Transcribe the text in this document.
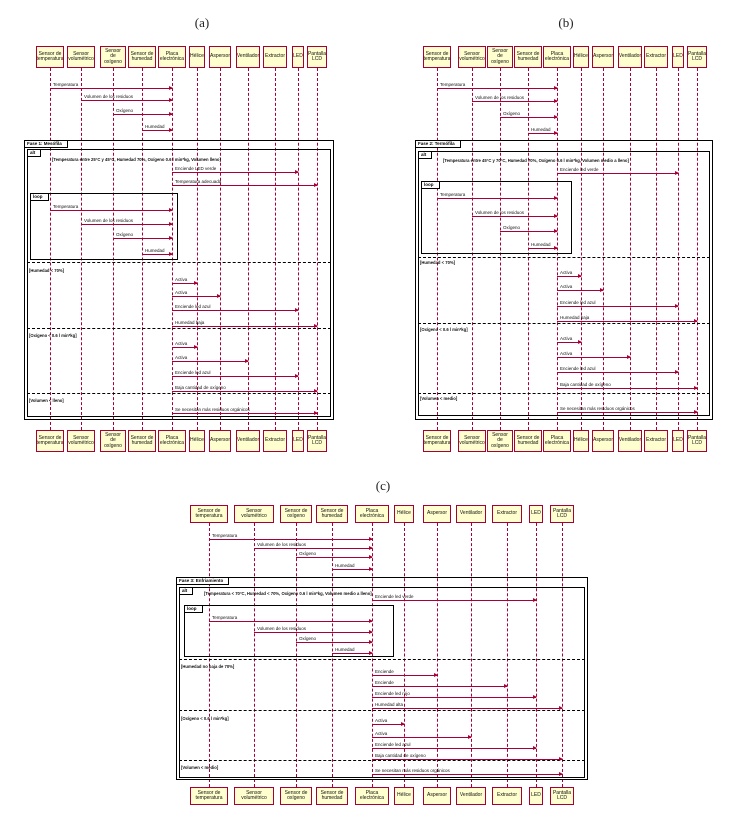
(a)
Sensor de
temperatura
Sensor de
temperatura
Sensor
volumétrico
Sensor
volumétrico
Sensor de
oxígeno
Sensor de
oxígeno
Sensor de
humedad
Sensor de
humedad
Placa
electrónica
Placa
electrónica
Hélice
Hélice
Aspersor
Aspersor
Ventilador
Ventilador
Extractor
Extractor
LED
LED
Pantalla
LCD
Pantalla
LCD
Fase 1: Mesófila
alt
loop
[Temperatura entre 25°C y 45°C, Humedad 70%, Oxígeno 0.6 l min*kg, Volumen lleno]
[Humedad < 70%]
[Oxígeno < 0.6 l min*kg]
[Volumen < lleno]
Temperatura
Volumen de los residuos
Oxígeno
Humedad
Enciende LED verde
Temperatura adecuada
Temperatura
Volumen de los residuos
Oxígeno
Humedad
Activa
Activa
Enciende led azul
Humedad baja
Activa
Activa
Enciende led azul
Baja cantidad de oxígeno
Se necesitan más residuos orgánicos
(b)
Sensor de
temperatura
Sensor de
temperatura
Sensor
volumétrico
Sensor
volumétrico
Sensor de
oxígeno
Sensor de
oxígeno
Sensor de
humedad
Sensor de
humedad
Placa
electrónica
Placa
electrónica
Hélice
Hélice
Aspersor
Aspersor
Ventilador
Ventilador
Extractor
Extractor
LED
LED
Pantalla
LCD
Pantalla
LCD
Fase 2: Termófila
alt
loop
[Temperatura entre 45°C y 70°C, Humedad 70%, Oxígeno 0.6 l min*kg, Volumen medio a lleno]
[Humedad < 70%]
[Oxígeno < 0.6 l min*kg]
[Volumen < medio]
Temperatura
Volumen de los residuos
Oxígeno
Humedad
Enciende led verde
Temperatura
Volumen de los residuos
Oxígeno
Humedad
Activa
Activa
Enciende led azul
Humedad baja
Activa
Activa
Enciende led azul
Baja cantidad de oxígeno
Se necesitan más residuos orgánicos
(c)
Sensor de
temperatura
Sensor de
temperatura
Sensor
volumétrico
Sensor
volumétrico
Sensor de
oxígeno
Sensor de
oxígeno
Sensor de
humedad
Sensor de
humedad
Placa
electrónica
Placa
electrónica
Hélice
Hélice
Aspersor
Aspersor
Ventilador
Ventilador
Extractor
Extractor
LED
LED
Pantalla
LCD
Pantalla
LCD
Fase 3: Enfriamiento
alt
loop
[Temperatura < 70°C, Humedad < 70%, Oxígeno 0.6 l min*kg, Volumen medio a lleno]
[Humedad no baja de 70%]
[Oxígeno < 0.6 l min*kg]
[Volumen < medio]
Temperatura
Volumen de los residuos
Oxígeno
Humedad
Enciende led verde
Temperatura
Volumen de los residuos
Oxígeno
Humedad
Enciende
Enciende
Enciende led rojo
Humedad alta
Activa
Activa
Enciende led azul
Baja cantidad de oxígeno
Se necesitan más residuos orgánicos
